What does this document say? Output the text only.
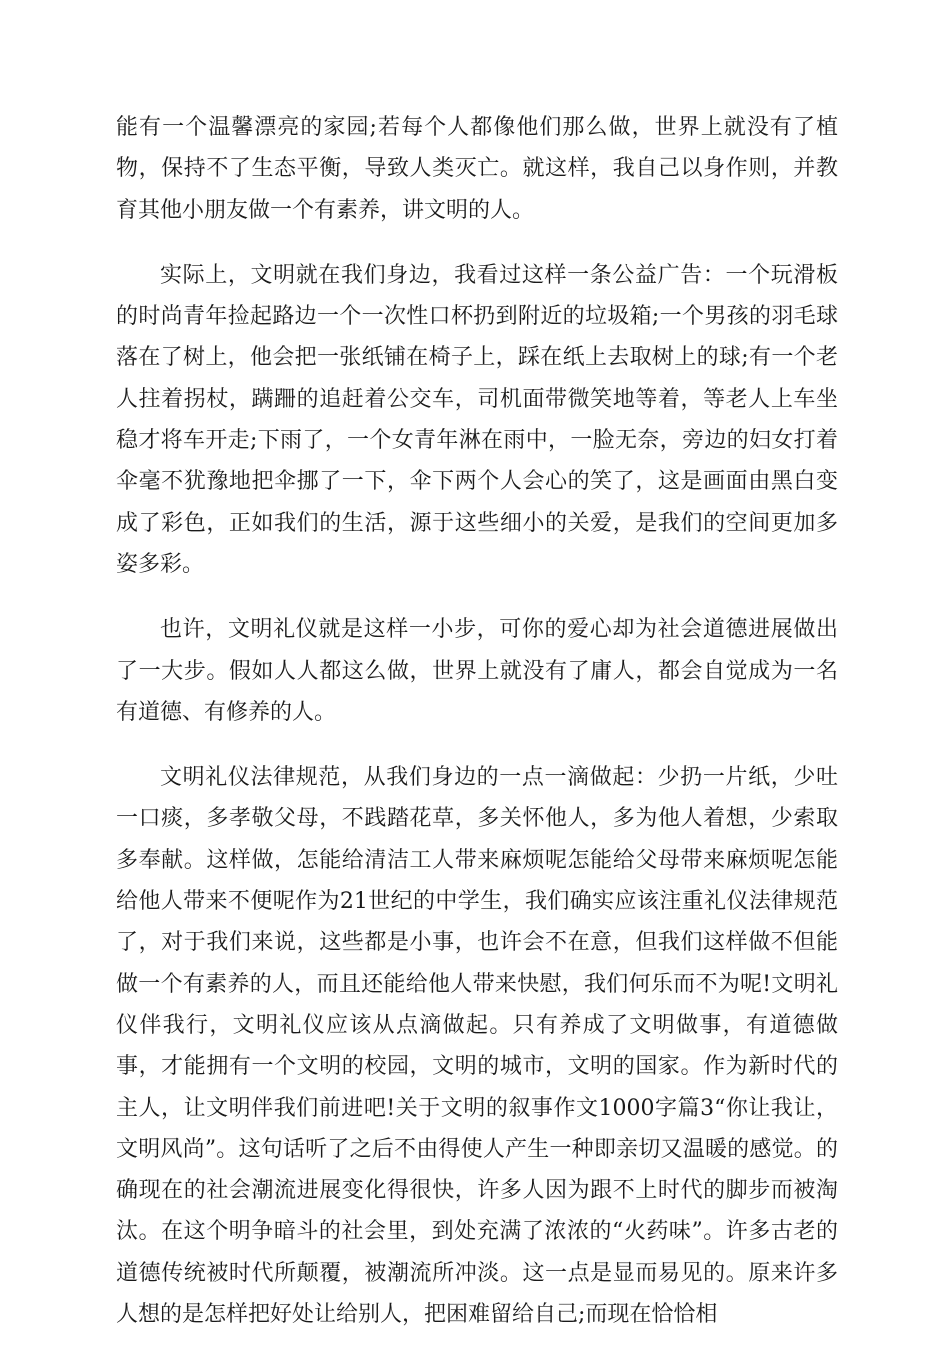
能有一个温馨漂亮的家园;若每个人都像他们那么做，世界上就没有了植物，保持不了生态平衡，导致人类灭亡。就这样，我自己以身作则，并教育其他小朋友做一个有素养，讲文明的人。

实际上，文明就在我们身边，我看过这样一条公益广告：一个玩滑板的时尚青年捡起路边一个一次性口杯扔到附近的垃圾箱;一个男孩的羽毛球落在了树上，他会把一张纸铺在椅子上，踩在纸上去取树上的球;有一个老人拄着拐杖，蹒跚的追赶着公交车，司机面带微笑地等着，等老人上车坐稳才将车开走;下雨了，一个女青年淋在雨中，一脸无奈，旁边的妇女打着伞毫不犹豫地把伞挪了一下，伞下两个人会心的笑了，这是画面由黑白变成了彩色，正如我们的生活，源于这些细小的关爱，是我们的空间更加多姿多彩。

也许，文明礼仪就是这样一小步，可你的爱心却为社会道德进展做出了一大步。假如人人都这么做，世界上就没有了庸人，都会自觉成为一名有道德、有修养的人。

文明礼仪法律规范，从我们身边的一点一滴做起：少扔一片纸，少吐一口痰，多孝敬父母，不践踏花草，多关怀他人，多为他人着想，少索取多奉献。这样做，怎能给清洁工人带来麻烦呢怎能给父母带来麻烦呢怎能给他人带来不便呢作为21世纪的中学生，我们确实应该注重礼仪法律规范了，对于我们来说，这些都是小事，也许会不在意，但我们这样做不但能做一个有素养的人，而且还能给他人带来快慰，我们何乐而不为呢!文明礼仪伴我行，文明礼仪应该从点滴做起。只有养成了文明做事，有道德做事，才能拥有一个文明的校园，文明的城市，文明的国家。作为新时代的主人，让文明伴我们前进吧!关于文明的叙事作文1000字篇3“你让我让，文明风尚”。这句话听了之后不由得使人产生一种即亲切又温暖的感觉。的确现在的社会潮流进展变化得很快，许多人因为跟不上时代的脚步而被淘汰。在这个明争暗斗的社会里，到处充满了浓浓的“火药味”。许多古老的道德传统被时代所颠覆，被潮流所冲淡。这一点是显而易见的。原来许多人想的是怎样把好处让给别人，把困难留给自己;而现在恰恰相
